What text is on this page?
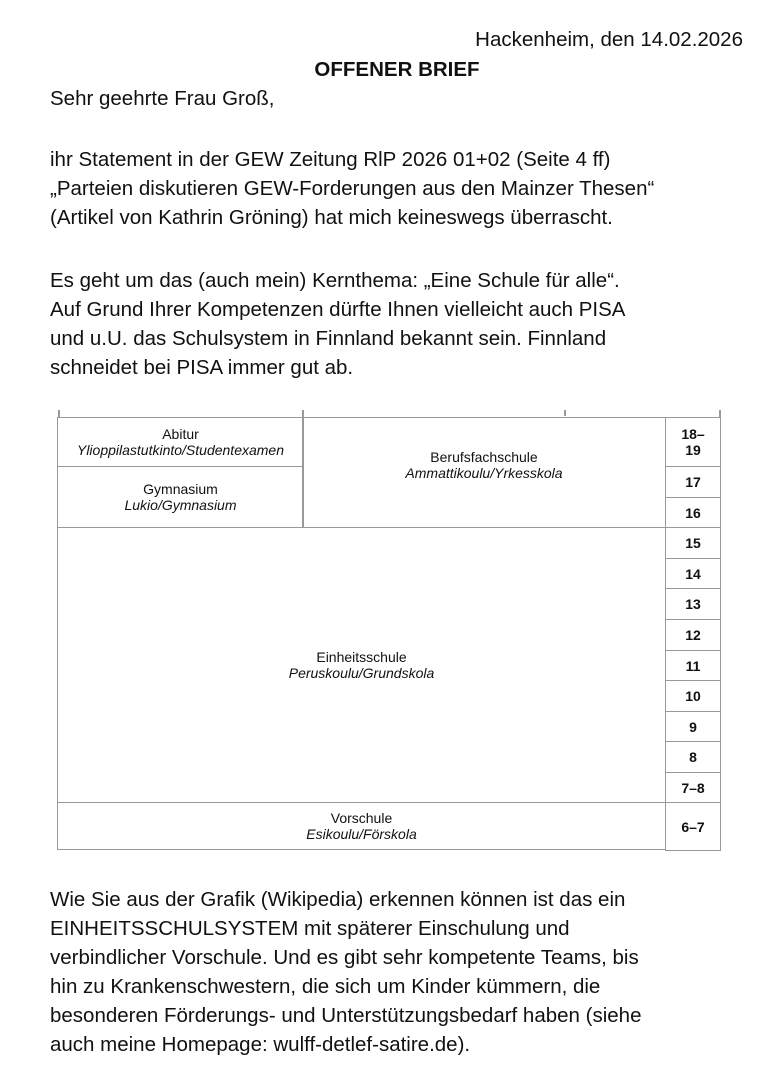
Hackenheim, den 14.02.2026
OFFENER BRIEF
Sehr geehrte Frau Groß,
ihr Statement in der GEW Zeitung RlP 2026 01+02 (Seite 4 ff)
„Parteien diskutieren GEW-Forderungen aus den Mainzer Thesen“
(Artikel von Kathrin Gröning) hat mich keineswegs überrascht.
Es geht um das (auch mein) Kernthema: „Eine Schule für alle“.
Auf Grund Ihrer Kompetenzen dürfte Ihnen vielleicht auch PISA
und u.U. das Schulsystem in Finnland bekannt sein. Finnland
schneidet bei PISA immer gut ab.
Abitur
Ylioppilastutkinto/Studentexamen
Gymnasium
Lukio/Gymnasium
Berufsfachschule
Ammattikoulu/Yrkesskola
Einheitsschule
Peruskoulu/Grundskola
Vorschule
Esikoulu/Förskola
18–
19
17
16
15
14
13
12
11
10
9
8
7–8
6–7
Wie Sie aus der Grafik (Wikipedia) erkennen können ist das ein
EINHEITSSCHULSYSTEM mit späterer Einschulung und
verbindlicher Vorschule. Und es gibt sehr kompetente Teams, bis
hin zu Krankenschwestern, die sich um Kinder kümmern, die
besonderen Förderungs- und Unterstützungsbedarf haben (siehe
auch meine Homepage: wulff-detlef-satire.de).
